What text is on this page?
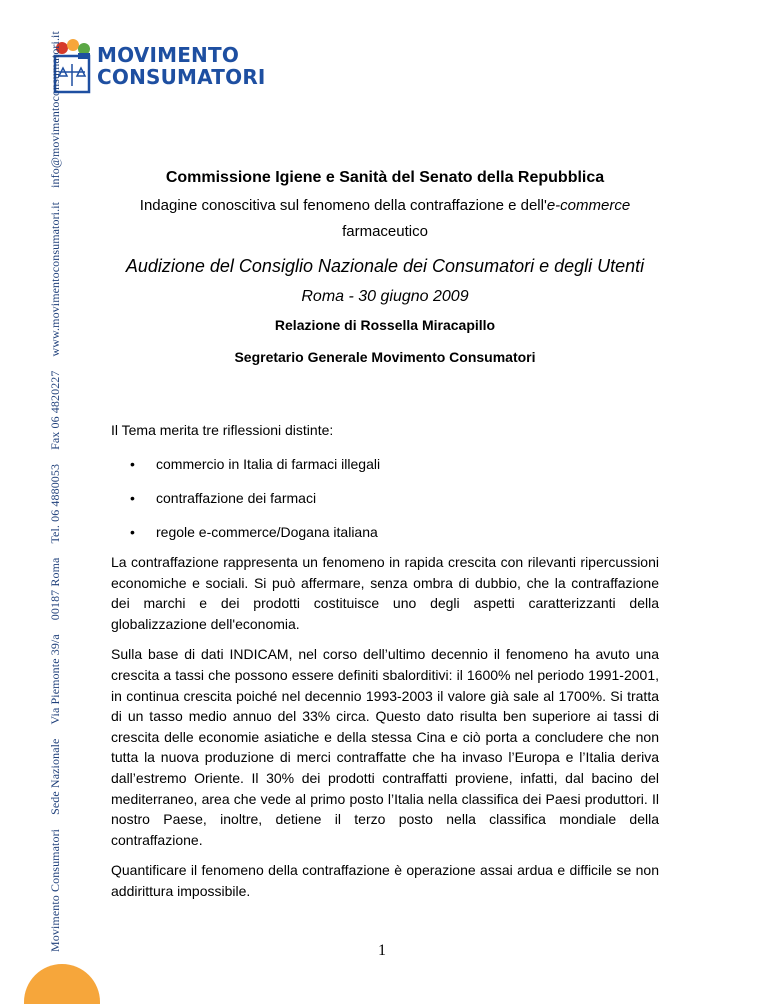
MOVIMENTO
CONSUMATORI
Movimento ConsumatoriSede NazionaleVia Piemonte 39/a00187 RomaTel. 06 4880053Fax 06 4820227www.movimentoconsumatori.itinfo@movimentoconsumatori.it	Commissione Igiene e Sanità del Senato della Repubblica

Indagine conoscitiva sul fenomeno della contraffazione e dell'e-commerce

farmaceutico

Audizione del Consiglio Nazionale dei Consumatori e degli Utenti

Roma - 30 giugno 2009

Relazione di Rossella Miracapillo

Segretario Generale Movimento Consumatori

Il Tema merita tre riflessioni distinte:

• commercio in Italia di farmaci illegali
• contraffazione dei farmaci
• regole e-commerce/Dogana italiana

La contraffazione rappresenta un fenomeno in rapida crescita con rilevanti ripercussioni economiche e sociali. Si può affermare, senza ombra di dubbio, che la contraffazione dei marchi e dei prodotti costituisce uno degli aspetti caratterizzanti della globalizzazione dell'economia.

Sulla base di dati INDICAM, nel corso dell’ultimo decennio il fenomeno ha avuto una crescita a tassi che possono essere definiti sbalorditivi: il 1600% nel periodo 1991-2001, in continua crescita poiché nel decennio 1993-2003 il valore già sale al 1700%. Si tratta di un tasso medio annuo del 33% circa. Questo dato risulta ben superiore ai tassi di crescita delle economie asiatiche e della stessa Cina e ciò porta a concludere che non tutta la nuova produzione di merci contraffatte che ha invaso l’Europa e l’Italia deriva dall’estremo Oriente. Il 30% dei prodotti contraffatti proviene, infatti, dal bacino del mediterraneo, area che vede al primo posto l’Italia nella classifica dei Paesi produttori. Il nostro Paese, inoltre, detiene il terzo posto nella classifica mondiale della contraffazione.

Quantificare il fenomeno della contraffazione è operazione assai ardua e difficile se non addirittura impossibile.

1
